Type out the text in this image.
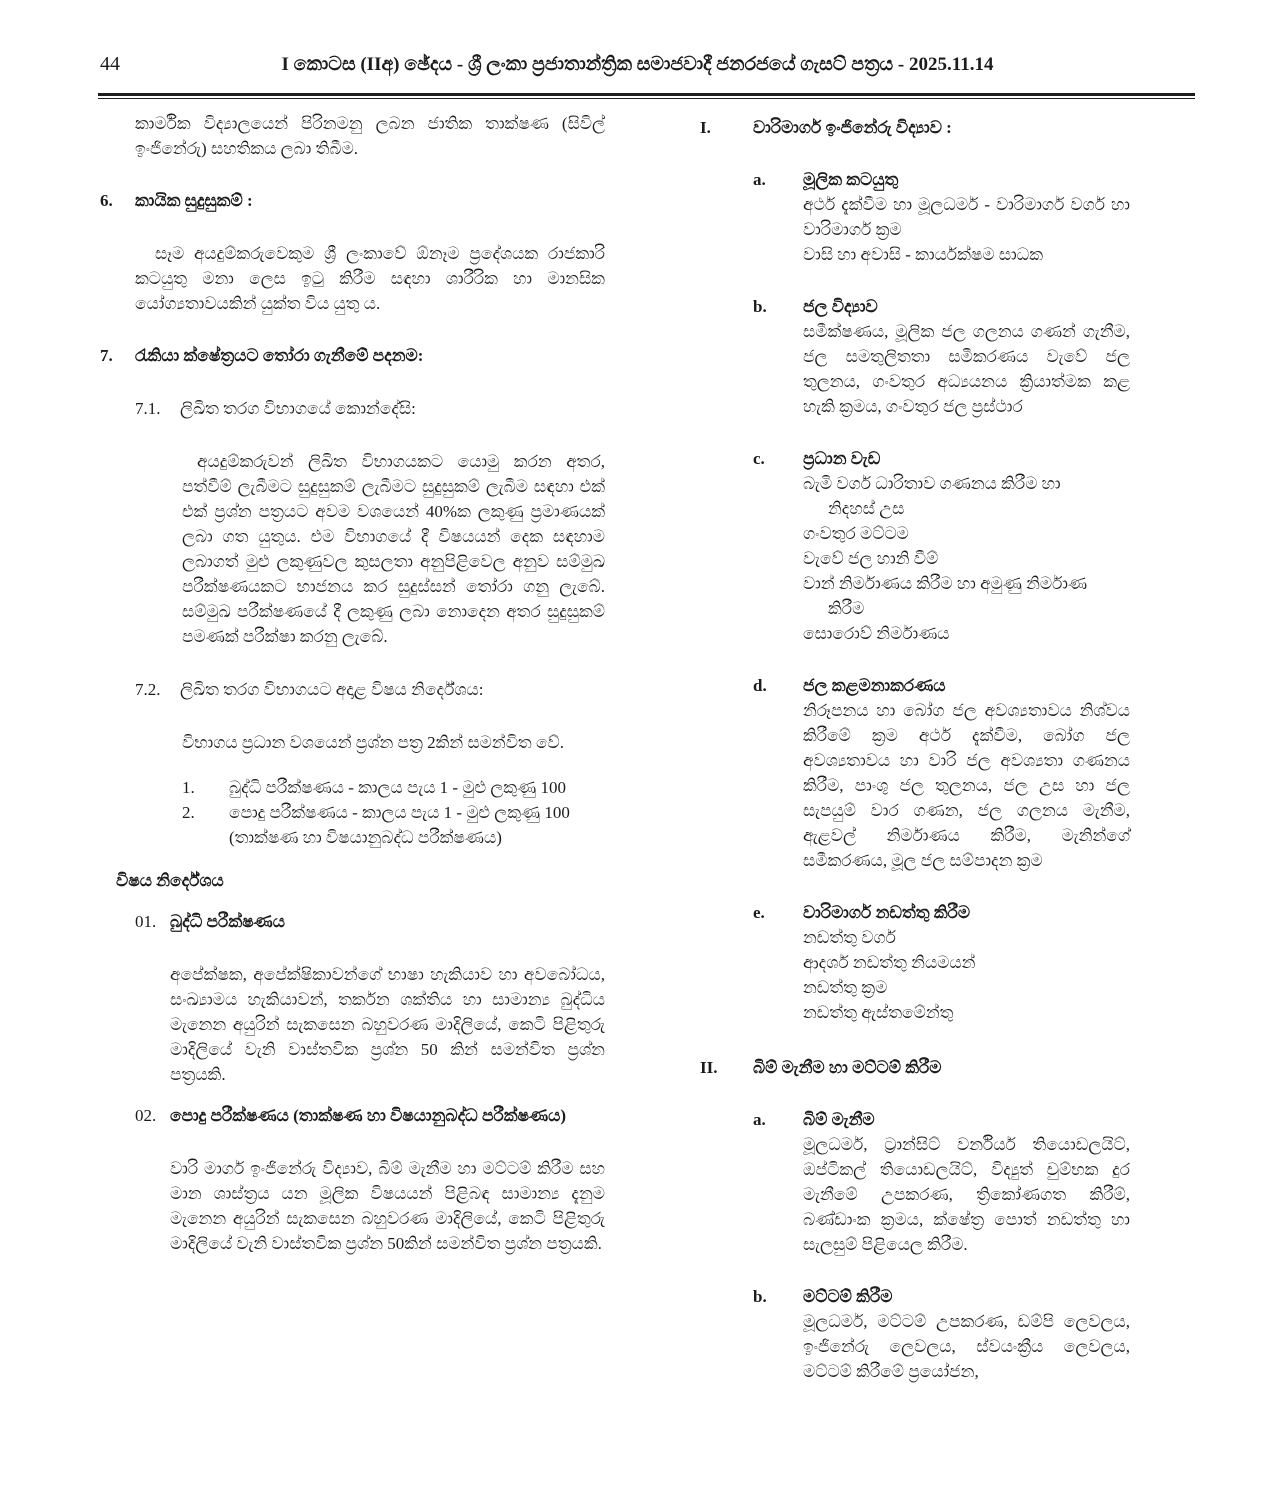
44	I කොටස (IIඅ) ඡේදය - ශ්‍රී ලංකා ප්‍රජාතාන්ත්‍රික සමාජවාදී ජනරජයේ ගැසට් පත්‍රය - 2025.11.14

කාර්මික විද්‍යාලයෙන් පිරිනමනු ලබන ජාතික තාක්ෂණ (සිවිල් ඉංජිනේරු) සහතිකය ලබා තිබීම.

6.	කායික සුදුසුකම් :

සෑම අයදුම්කරුවෙකුම ශ්‍රී ලංකාවේ ඕනෑම ප්‍රදේශයක රාජකාරි කටයුතු මනා ලෙස ඉටු කිරීම සඳහා ශාරීරික හා මානසික යෝග්‍යතාවයකින් යුක්ත විය යුතු ය.

7.	රැකියා ක්ෂේත්‍රයට තෝරා ගැනීමේ පදනම:
7.1.	ලිඛිත තරග විභාගයේ කොන්දේසි:

අයදුම්කරුවන් ලිඛිත විභාගයකට යොමු කරන අතර, පත්වීම් ලැබීමට සුදුසුකම් ලැබීමට සුදුසුකම් ලැබීම සඳහා එක් එක් ප්‍රශ්න පත්‍රයට අවම වශයෙන් 40%ක ලකුණු ප්‍රමාණයක් ලබා ගත යුතුය. එම විභාගයේ දී විෂයයන් දෙක සඳහාම ලබාගත් මුළු ලකුණුවල කුසලතා අනුපිළිවෙල අනුව සම්මුඛ පරීක්ෂණයකට භාජනය කර සුදුස්සන් තෝරා ගනු ලැබේ. සම්මුඛ පරීක්ෂණයේ දී ලකුණු ලබා නොදෙන අතර සුදුසුකම් පමණක් පරීක්ෂා කරනු ලැබේ.

7.2.	ලිඛිත තරග විභාගයට අදාළ විෂය නිර්දේශය:

විභාගය ප්‍රධාන වශයෙන් ප්‍රශ්න පත්‍ර 2කින් සමන්විත වේ.

1.	බුද්ධි පරීක්ෂණය - කාලය පැය 1 - මුළු ලකුණු 100
2.	පොදු පරීක්ෂණය - කාලය පැය 1 - මුළු ලකුණු 100
(තාක්ෂණ හා විෂයානුබද්ධ පරීක්ෂණය)
විෂය නිර්දේශය
01. බුද්ධි පරීක්ෂණය

අපේක්ෂක, අපේක්ෂිකාවන්ගේ භාෂා හැකියාව හා අවබෝධය, සංඛ්‍යාමය හැකියාවන්, තර්කන ශක්තිය හා සාමාන්‍ය බුද්ධිය මැනෙන අයුරින් සැකසෙන බහුවරණ මාදිලියේ, කෙටි පිළිතුරු මාදිලියේ වැනි වාස්තවික ප්‍රශ්න 50 කින් සමන්විත ප්‍රශ්න පත්‍රයකි.

02. පොදු පරීක්ෂණය (තාක්ෂණ හා විෂයානුබද්ධ පරීක්ෂණය)

වාරි මාර්ග ඉංජිනේරු විද්‍යාව, බිම් මැනීම හා මට්ටම් කිරීම සහ මාන ශාස්ත්‍රය යන මූලික විෂයයන් පිළිබඳ සාමාන්‍ය දැනුම මැනෙන අයුරින් සැකසෙන බහුවරණ මාදිලියේ, කෙටි පිළිතුරු මාදිලියේ වැනි වාස්තවික ප්‍රශ්න 50කින් සමන්විත ප්‍රශ්න පත්‍රයකි.

I.	වාරිමාර්ග ඉංජිනේරු විද්‍යාව :
a.	මූලික කටයුතු
අර්ථ දැක්වීම හා මූලධර්ම - වාරිමාර්ග වර්ග හා වාරිමාර්ග ක්‍රම
වාසි හා අවාසි - කාර්යක්ෂම සාධක
b.	ජල විද්‍යාව
සමීක්ෂණය, මූලික ජල ගලනය ගණන් ගැනීම, ජල සමතුලිතතා සමීකරණය වැවේ ජල තුලනය, ගංවතුර අධ්‍යයනය ක්‍රියාත්මක කළ හැකි ක්‍රමය, ගංවතුර ජල ප්‍රස්ථාර
c.	ප්‍රධාන වැඩ
බැමි වර්ග ධාරිතාව ගණනය කිරීම හා
නිදහස් උස
ගංවතුර මට්ටම
වැවේ ජල හානි වීම්
වාන් නිර්මාණය කිරීම හා අමුණු නිර්මාණ
කිරීම
සොරොව් නිර්මාණය
d.	ජල කළමනාකරණය
නිරූපනය හා බෝග ජල අවශ්‍යතාවය නිශ්වය කිරීමේ ක්‍රම අර්ථ දැක්වීම, බෝග ජල අවශ්‍යතාවය හා වාරි ජල අවශ්‍යතා ගණනය කිරීම, පාංශු ජල තුලනය, ජල උස හා ජල සැපයුම් වාර ගණන, ජල ගලනය මැනීම, ඇළවල් නිර්මාණය කිරීම, මැනින්ගේ සමීකරණය, මූල ජල සම්පාදන ක්‍රම
e.	වාරිමාර්ග නඩත්තු කිරීම
නඩත්තු වර්ග
ආදර්ශ නඩත්තු නියමයන්
නඩත්තු ක්‍රම
නඩත්තු ඇස්තමේන්තු
II.	බිම් මැනීම හා මට්ටම් කිරීම
a.	බිම් මැනීම
මූලධර්ම, ට්‍රාන්සිට් වර්නියර් තියොඩලයිට්, ඔප්ටිකල් තියොඩලයිට්, විද්‍යුත් චුම්භක දුර මැනීමේ උපකරණ, ත්‍රිකෝණගත කිරීම්, බණ්ඩාංක ක්‍රමය, ක්ෂේත්‍ර පොත් නඩත්තු හා සැලසුම් පිළියෙල කිරීම.
b.	මට්ටම් කිරීම
මූලධර්ම, මට්ටම් උපකරණ, ඩම්පි ලෙවලය, ඉංජිනේරු ලෙවලය, ස්වයංක්‍රීය ලෙවලය, මට්ටම් කිරීමේ ප්‍රයෝජන,
